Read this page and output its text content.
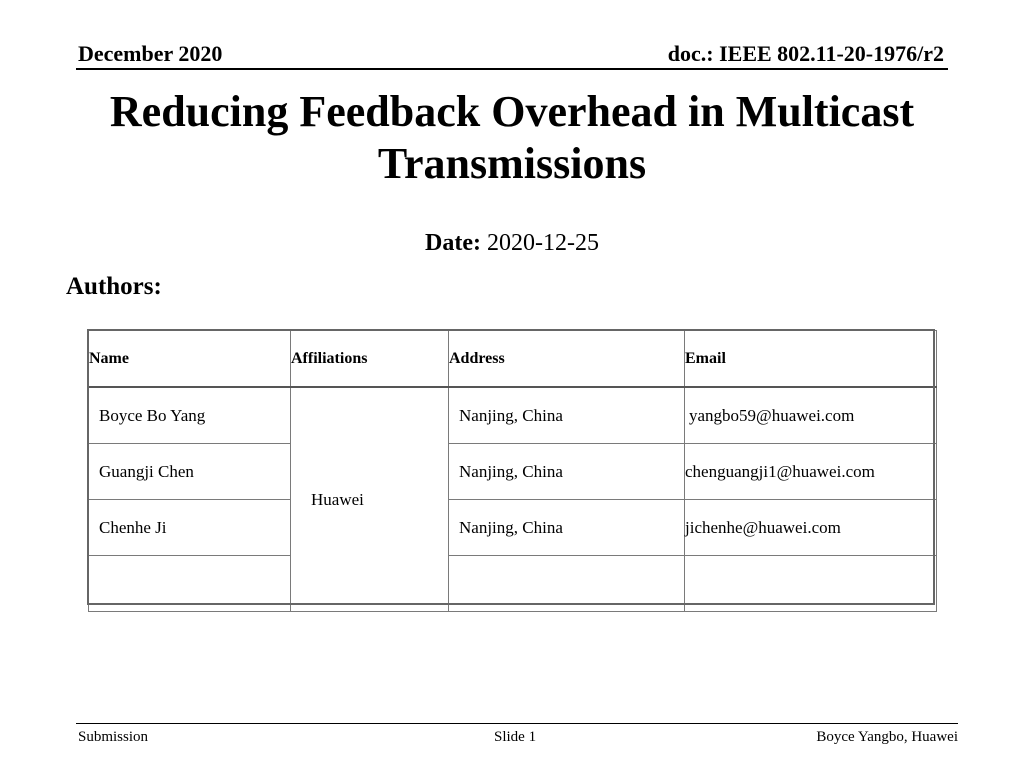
December 2020	doc.: IEEE 802.11-20-1976/r2
Reducing Feedback Overhead in Multicast Transmissions
Date: 2020-12-25
Authors:
Name	Affiliations	Address	Email
Boyce Bo Yang	Huawei	Nanjing, China	yangbo59@huawei.com
Guangji Chen		Nanjing, China	chenguangji1@huawei.com
Chenhe Ji		Nanjing, China	jichenhe@huawei.com

Submission	Slide 1	Boyce Yangbo, Huawei
